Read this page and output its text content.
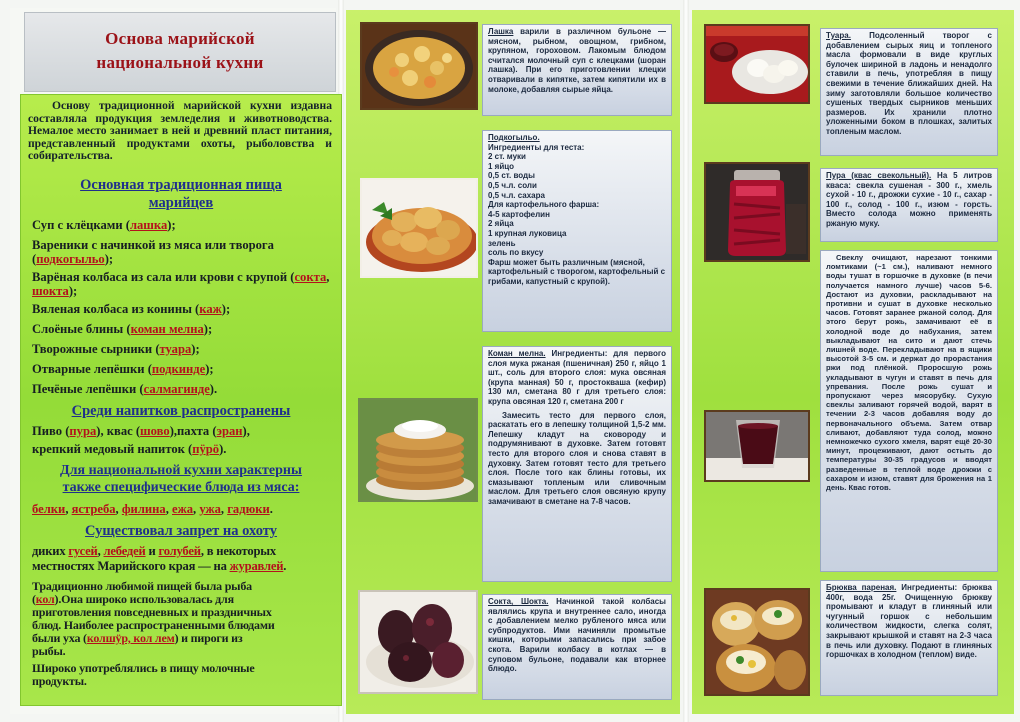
Основа марийской
национальной кухни
Основу традиционной марийской кухни издавна составляла продукция земледелия и животноводства. Немалое место занимает в ней и древний пласт питания, представленный продуктами охоты, рыболовства и собирательства.
Основная традиционная пища
марийцев
Суп с клёцками (лашка);
Вареники с начинкой из мяса или творога (подкогыльо);
Варёная колбаса из сала или крови с крупой (сокта, шокта);
Вяленая колбаса из конины (каж);
Слоёные блины (коман мелна);
Творожные сырники (туара);
Отварные лепёшки (подкинде);
Печёные лепёшки (салмагинде).
Среди напитков распространены
Пиво (пура), квас (шово),пахта (эран),
крепкий медовый напиток (пӱрӧ).
Для национальной кухни характерны
также специфические блюда из мяса:
белки, ястреба, филина, ежа, ужа, гадюки.
Существовал запрет на охоту
диких гусей, лебедей и голубей, в некоторых
местностях Марийского края — на журавлей.
Традиционно любимой пищей была рыба
(кол).Она широко использовалась для
приготовления повседневных и праздничных
блюд. Наиболее распространенными блюдами
были уха (колшӱр, кол лем) и пироги из
рыбы.
Широко употреблялись в пищу молочные
продукты.
Лашка варили в различном бульоне — мясном, рыбном, овощном, грибном, крупяном, гороховом. Лакомым блюдом считался молочный суп с клецками (шоран лашка). При его приготовлении клецки отваривали в кипятке, затем кипятили их в молоке, добавляя сырые яйца.

Подкогыльо.

Ингредиенты для теста:

2 ст. муки

1 яйцо

0,5 ст. воды

0,5 ч.л. соли

0,5 ч.л. сахара

Для картофельного фарша:

4-5 картофелин

2 яйца

1 крупная луковица

зелень

соль по вкусу

Фарш может быть различным (мясной, картофельный с творогом, картофельный с грибами, капустный с крупой).

Коман мелна. Ингредиенты: для первого слоя мука ржаная (пшеничная) 250 г, яйцо 1 шт., соль для второго слоя: мука овсяная (крупа манная) 50 г, простоквашa (кефир) 130 мл, сметана 80 г для третьего слоя: крупа овсяная 120 г, сметана 200 г

Замесить тесто для первого слоя, раскатать его в лепешку толщиной 1,5-2 мм. Лепешку кладут на сковороду и подрумянивают в духовке. Затем готовят тесто для второго слоя и снова ставят в духовку. Затем готовят тесто для третьего слоя. После того как блины готовы, их смазывают топленым или сливочным маслом. Для третьего слоя овсяную крупу замачивают в сметане на 7-8 часов.

Сокта, Шокта. Начинкой такой колбасы являлись крупа и внутреннее сало, иногда с добавлением мелко рубленого мяса или субпродуктов. Ими начиняли промытые кишки, которыми запасались при забое скота. Варили колбасу в котлах — в суповом бульоне, подавали как вторнее блюдо.
Туара. Подсоленный творог с добавлением сырых яиц и топленого масла формовали в виде круглых булочек шириной в ладонь и ненадолго ставили в печь, употребляя в пищу свежими в течение ближайших дней. На зиму заготовляли большое количество сушеных твердых сырников меньших размеров. Их хранили плотно уложенными боком в плошках, залитых топленым маслом.
Пура (квас свекольный). На 5 литров кваса: свекла сушеная - 300 г., хмель сухой - 10 г., дрожжи сухие - 10 г., сахар - 100 г., солод - 100 г., изюм - горсть. Вместо солода можно применять ржаную муку.

Свеклу очищают, нарезают тонкими ломтиками (~1 см.), наливают немного воды тушат в горшочке в духовке (в печи получается намного лучше) часов 5-6. Достают из духовки, раскладывают на противни и сушат в духовке несколько часов. Готовят заранее ржаной солод. Для этого берут рожь, замачивают её в холодной воде до набухания, затем выкладывают на сито и дают стечь лишней воде. Перекладывают на в ящики высотой 3-5 см. и держат до прорастания ржи под плёнкой. Проросшую рожь укладывают в чугун и ставят в печь для упревания. После рожь сушат и пропускают через мясорубку. Сухую свеклы заливают горячей водой, варят в течении 2-3 часов добавляя воду до первоначального объема. Затем отвар сливают, добавляют туда солод, можно немножечко сухого хмеля, варят ещё 20-30 минут, процеживают, дают остыть до температуры 30-35 градусов и вводят разведенные в теплой воде дрожжи с сахаром и изюм, ставят для брожения на 1 день. Квас готов.

Брюква пареная. Ингредиенты: брюква 400г, вода 25г. Очищенную брюкву промывают и кладут в глиняный или чугунный горшок с небольшим количеством жидкости, слегка солят, закрывают крышкой и ставят на 2-3 часа в печь или духовку. Подают в глиняных горшочках в холодном (теплом) виде.
